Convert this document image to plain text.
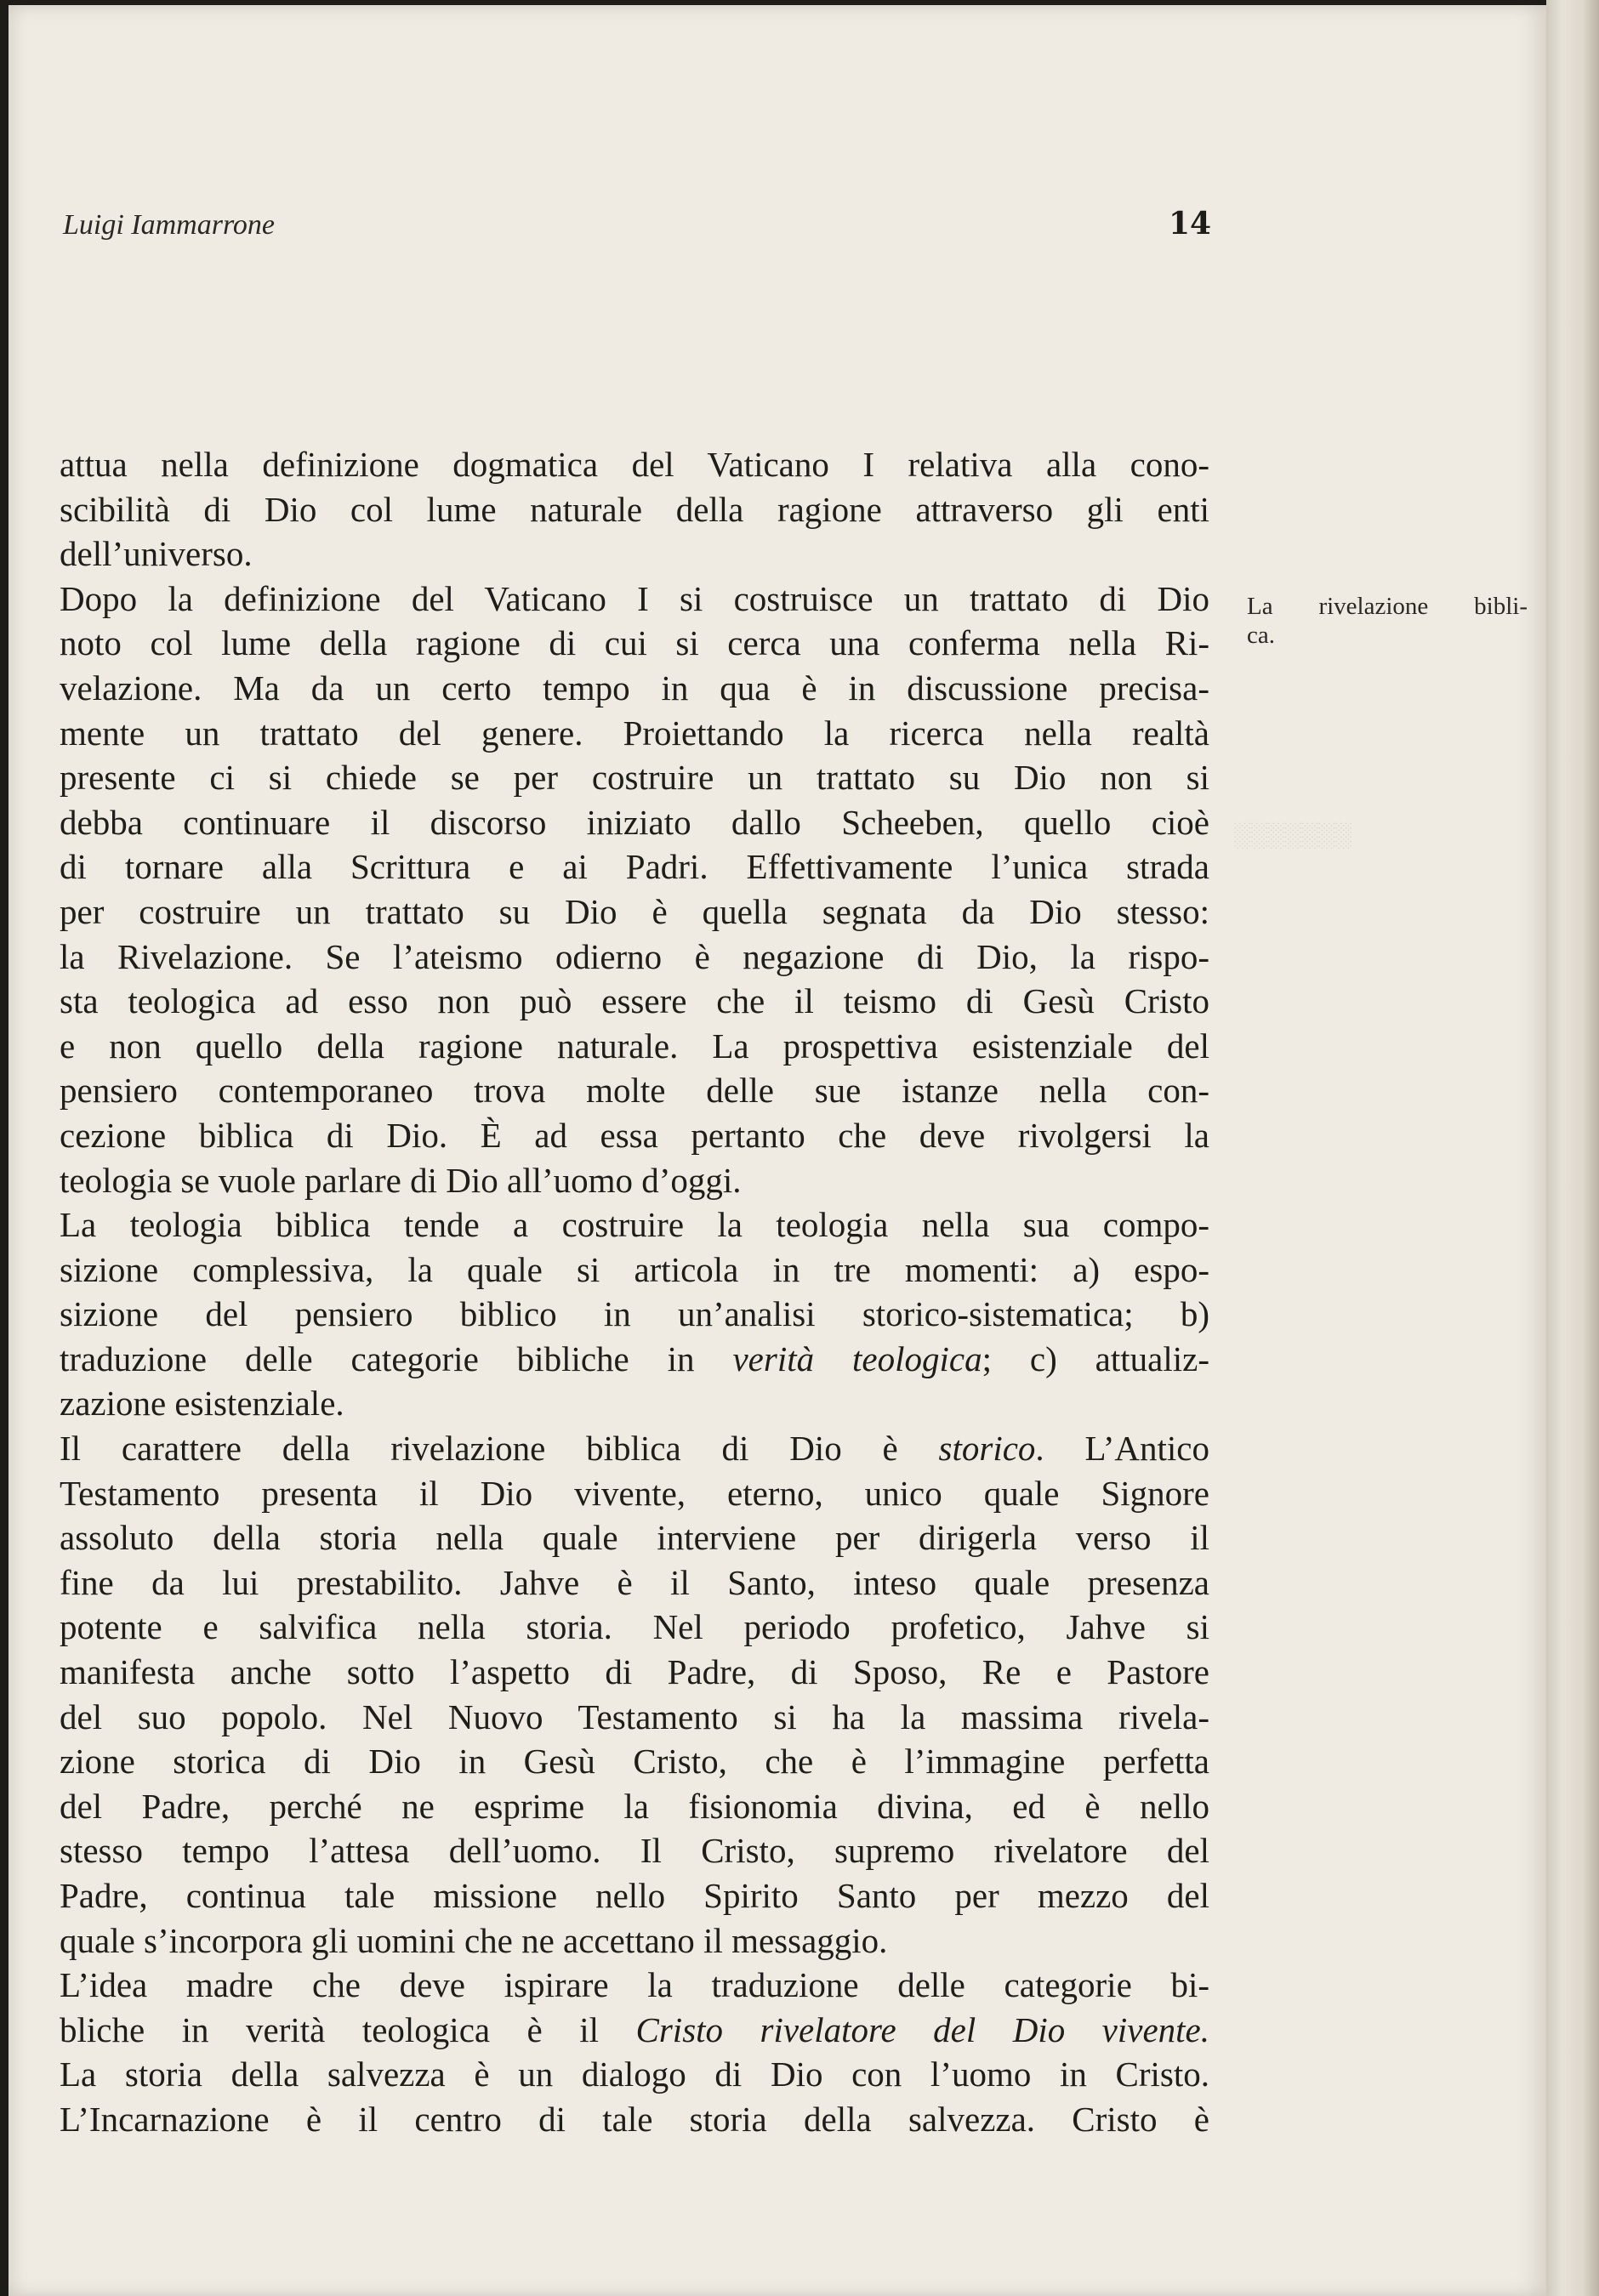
Luigi Iammarrone	14
attua nella definizione dogmatica del Vaticano I relativa alla cono-
scibilità di Dio col lume naturale della ragione attraverso gli enti
dell’universo.
Dopo la definizione del Vaticano I si costruisce un trattato di Dio
noto col lume della ragione di cui si cerca una conferma nella Ri-
velazione. Ma da un certo tempo in qua è in discussione precisa-
mente un trattato del genere. Proiettando la ricerca nella realtà
presente ci si chiede se per costruire un trattato su Dio non si
debba continuare il discorso iniziato dallo Scheeben, quello cioè
di tornare alla Scrittura e ai Padri. Effettivamente l’unica strada
per costruire un trattato su Dio è quella segnata da Dio stesso:
la Rivelazione. Se l’ateismo odierno è negazione di Dio, la rispo-
sta teologica ad esso non può essere che il teismo di Gesù Cristo
e non quello della ragione naturale. La prospettiva esistenziale del
pensiero contemporaneo trova molte delle sue istanze nella con-
cezione biblica di Dio. È ad essa pertanto che deve rivolgersi la
teologia se vuole parlare di Dio all’uomo d’oggi.
La teologia biblica tende a costruire la teologia nella sua compo-
sizione complessiva, la quale si articola in tre momenti: a) espo-
sizione del pensiero biblico in un’analisi storico-sistematica; b)
traduzione delle categorie bibliche in verità teologica; c) attualiz-
zazione esistenziale.
Il carattere della rivelazione biblica di Dio è storico. L’Antico
Testamento presenta il Dio vivente, eterno, unico quale Signore
assoluto della storia nella quale interviene per dirigerla verso il
fine da lui prestabilito. Jahve è il Santo, inteso quale presenza
potente e salvifica nella storia. Nel periodo profetico, Jahve si
manifesta anche sotto l’aspetto di Padre, di Sposo, Re e Pastore
del suo popolo. Nel Nuovo Testamento si ha la massima rivela-
zione storica di Dio in Gesù Cristo, che è l’immagine perfetta
del Padre, perché ne esprime la fisionomia divina, ed è nello
stesso tempo l’attesa dell’uomo. Il Cristo, supremo rivelatore del
Padre, continua tale missione nello Spirito Santo per mezzo del
quale s’incorpora gli uomini che ne accettano il messaggio.
L’idea madre che deve ispirare la traduzione delle categorie bi-
bliche in verità teologica è il Cristo rivelatore del Dio vivente.
La storia della salvezza è un dialogo di Dio con l’uomo in Cristo.
L’Incarnazione è il centro di tale storia della salvezza. Cristo è
La rivelazione bibli-
ca.
░░░░░░░
